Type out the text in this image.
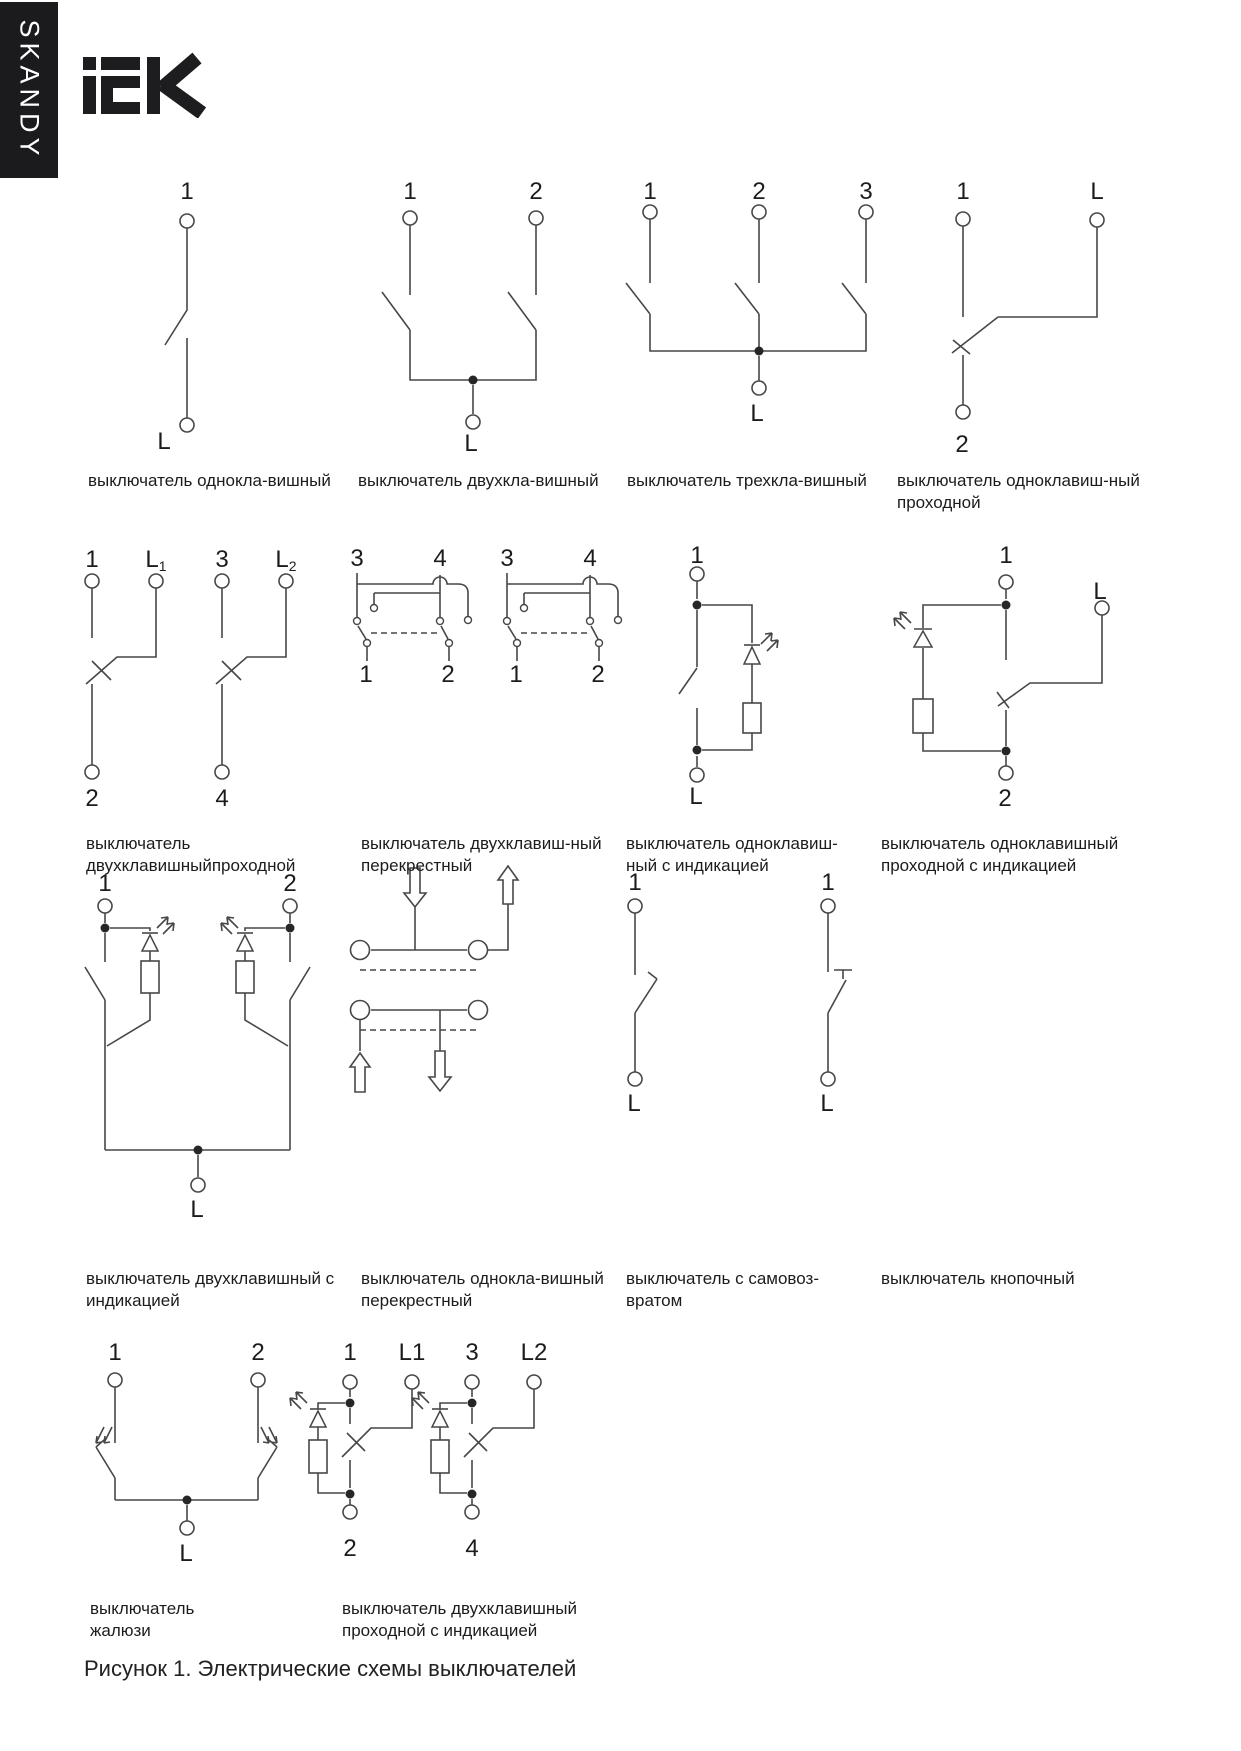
SKANDY
1
L
1	2
L
1	2	3
L
1	L
2
1 L1 3 L2
2	4
3	4
1	2
3	4
1	2
1
L
1
L
2
1	2
L
1
L
1
L
1	2
L
1 L1
2
3 L2
4
выключатель однокла-вишный выключатель двухкла-вишный выключатель трехкла-вишный выключатель одноклавиш-ный
проходной
выключатель
двухклавишныйпроходной
выключатель двухклавиш-ный
перекрестный
выключатель одноклавиш-
ный с индикацией
выключатель одноклавишный
проходной с индикацией
выключатель двухклавишный с
индикацией
выключатель однокла-вишный
перекрестный
выключатель с самовоз-
вратом
выключатель кнопочный
выключатель
жалюзи
выключатель двухклавишный
проходной с индикацией
Рисунок 1. Электрические схемы выключателей
